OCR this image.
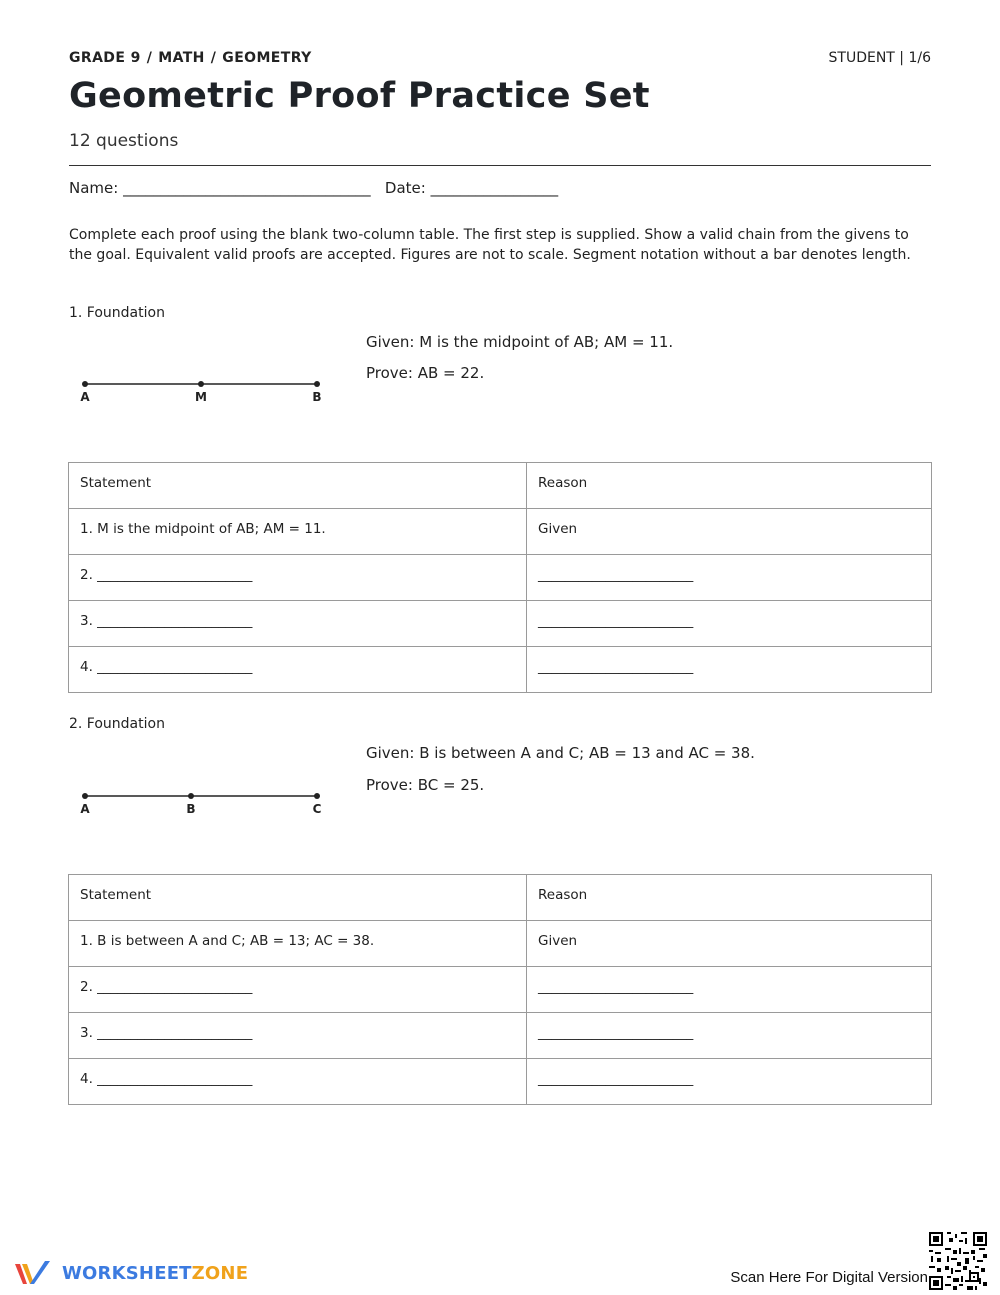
GRADE 9 / MATH / GEOMETRY	STUDENT | 1/6
Geometric Proof Practice Set
12 questions
Name: _________________________________ Date: _________________

Complete each proof using the blank two-column table. The first step is supplied. Show a valid chain from the givens to the goal. Equivalent valid proofs are accepted. Figures are not to scale. Segment notation without a bar denotes length.

1. Foundation
Given: M is the midpoint of AB; AM = 11.
Prove: AB = 22.
A	M	B
Statement	Reason
1. M is the midpoint of AB; AM = 11.	Given
2. _______________________	_______________________
3. _______________________	_______________________
4. _______________________	_______________________
2. Foundation
Given: B is between A and C; AB = 13 and AC = 38.
Prove: BC = 25.
A	B	C
Statement	Reason
1. B is between A and C; AB = 13; AC = 38.	Given
2. _______________________	_______________________
3. _______________________	_______________________
4. _______________________	_______________________
WORKSHEETZONE	Scan Here For Digital Version
